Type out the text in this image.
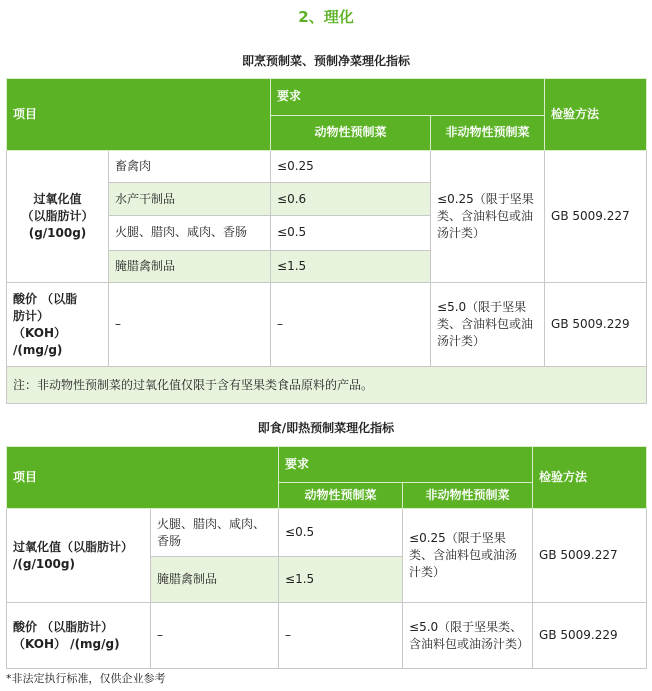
2、理化
即烹预制菜、预制净菜理化指标
项目		要求		检验方法
		动物性预制菜	非动物性预制菜	

过氧化值
（以脂肪计）
(g/100g)	畜禽肉	≤0.25	≤0.25（限于坚果类、含油料包或油汤汁类）	GB 5009.227
	水产干制品	≤0.6		
	火腿、腊肉、咸肉、香肠	≤0.5		
	腌腊禽制品	≤1.5		

酸价 （以脂
肪计）
（KOH）
/(mg/g)	–	–	≤5.0（限于坚果类、含油料包或油汤汁类）	GB 5009.229
注：非动物性预制菜的过氧化值仅限于含有坚果类食品原料的产品。				
即食/即热预制菜理化指标
项目		要求		检验方法
		动物性预制菜	非动物性预制菜	

过氧化值（以脂肪计）
/(g/100g)	火腿、腊肉、咸肉、香肠	≤0.5	≤0.25（限于坚果类、含油料包或油汤汁类）	GB 5009.227
	腌腊禽制品	≤1.5		

酸价 （以脂肪计）
（KOH） /(mg/g)	–	–	≤5.0（限于坚果类、含油料包或油汤汁类）	GB 5009.229
*非法定执行标准，仅供企业参考
